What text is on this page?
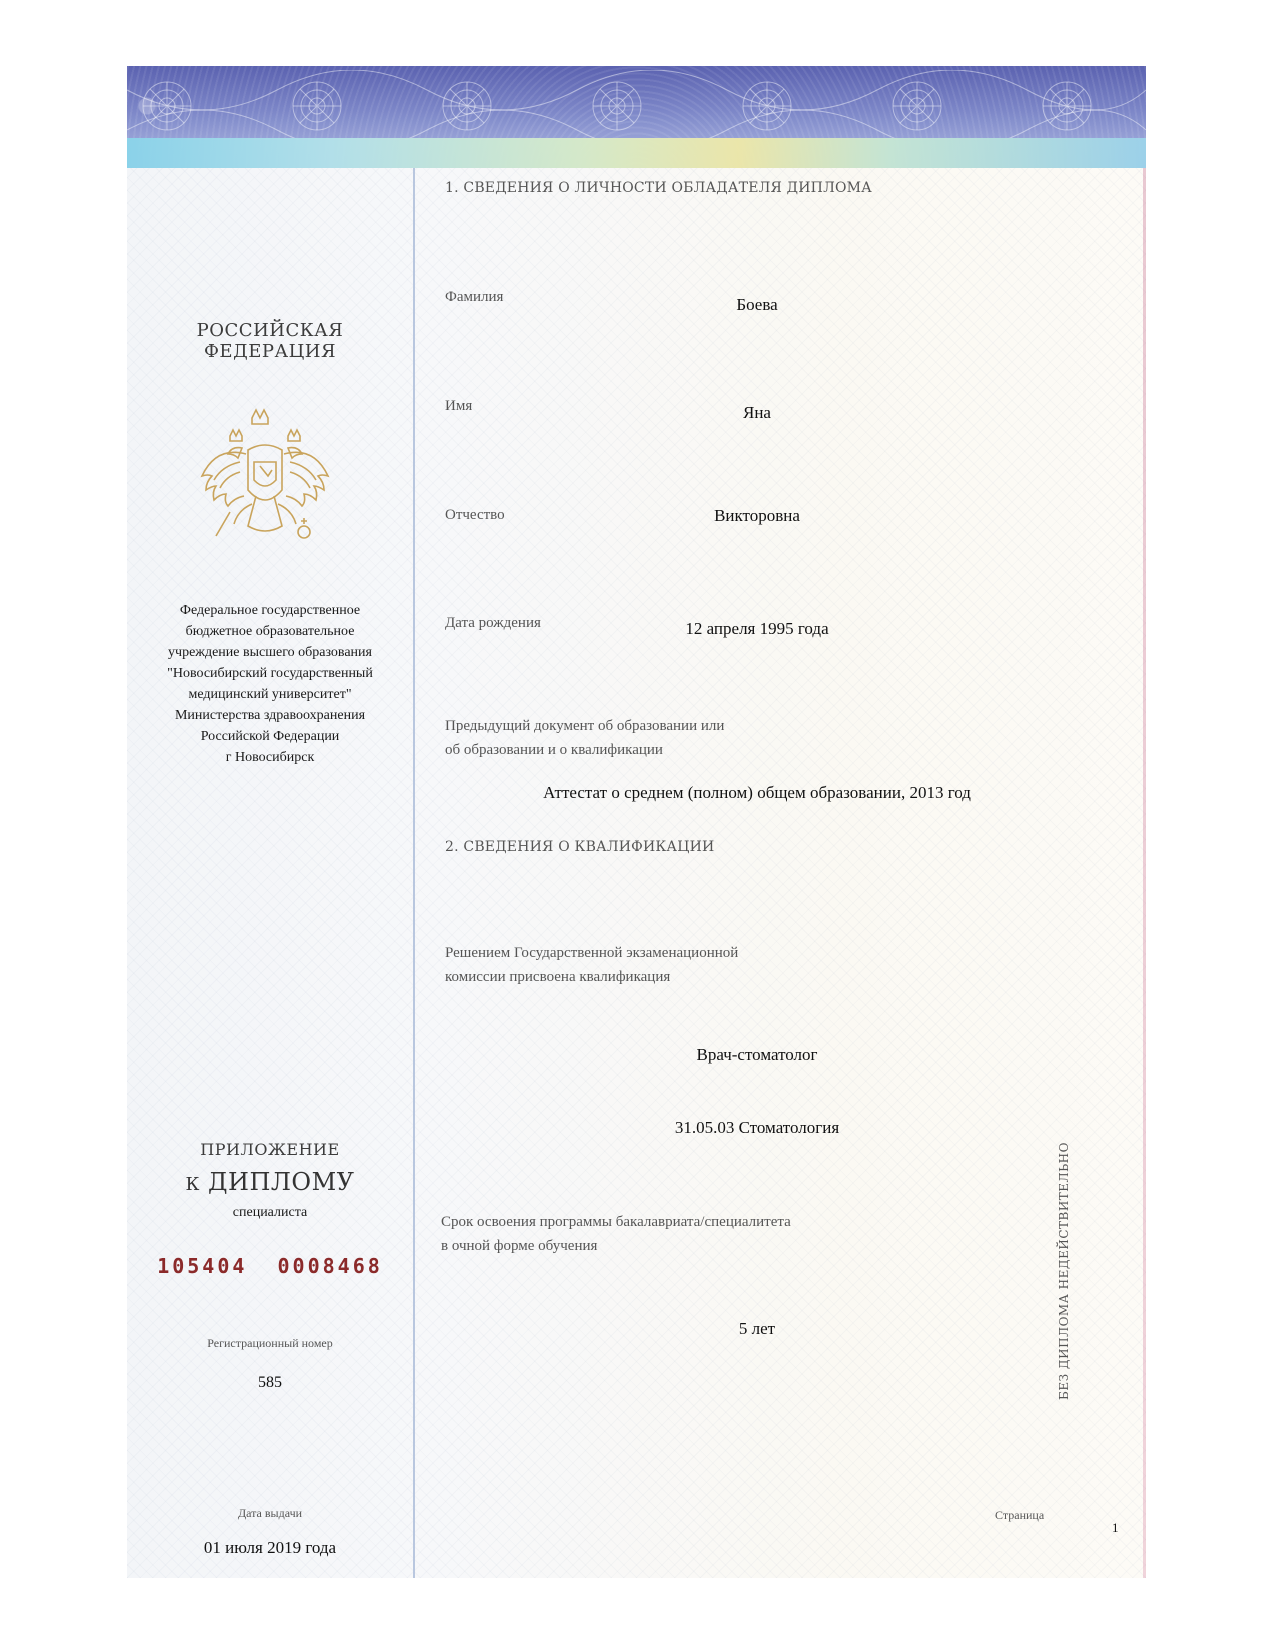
РОССИЙСКАЯ
ФЕДЕРАЦИЯ
Федеральное государственное
бюджетное образовательное
учреждение высшего образования
"Новосибирский государственный
медицинский университет"
Министерства здравоохранения
Российской Федерации
г Новосибирск
ПРИЛОЖЕНИЕ
К ДИПЛОМУ
специалиста
105404  0008468
Регистрационный номер
585
Дата выдачи
01 июля 2019 года
1. СВЕДЕНИЯ О ЛИЧНОСТИ ОБЛАДАТЕЛЯ ДИПЛОМА
Фамилия	Боева
Имя	Яна
Отчество	Викторовна
Дата рождения	12 апреля 1995 года
Предыдущий документ об образовании или
об образовании и о квалификации
Аттестат о среднем (полном) общем образовании, 2013 год
2. СВЕДЕНИЯ О КВАЛИФИКАЦИИ
Решением Государственной экзаменационной
комиссии присвоена квалификация
Врач-стоматолог
31.05.03 Стоматология
Срок освоения программы бакалавриата/специалитета
в очной форме обучения
5 лет	БЕЗ ДИПЛОМА НЕДЕЙСТВИТЕЛЬНО
Страница
1
